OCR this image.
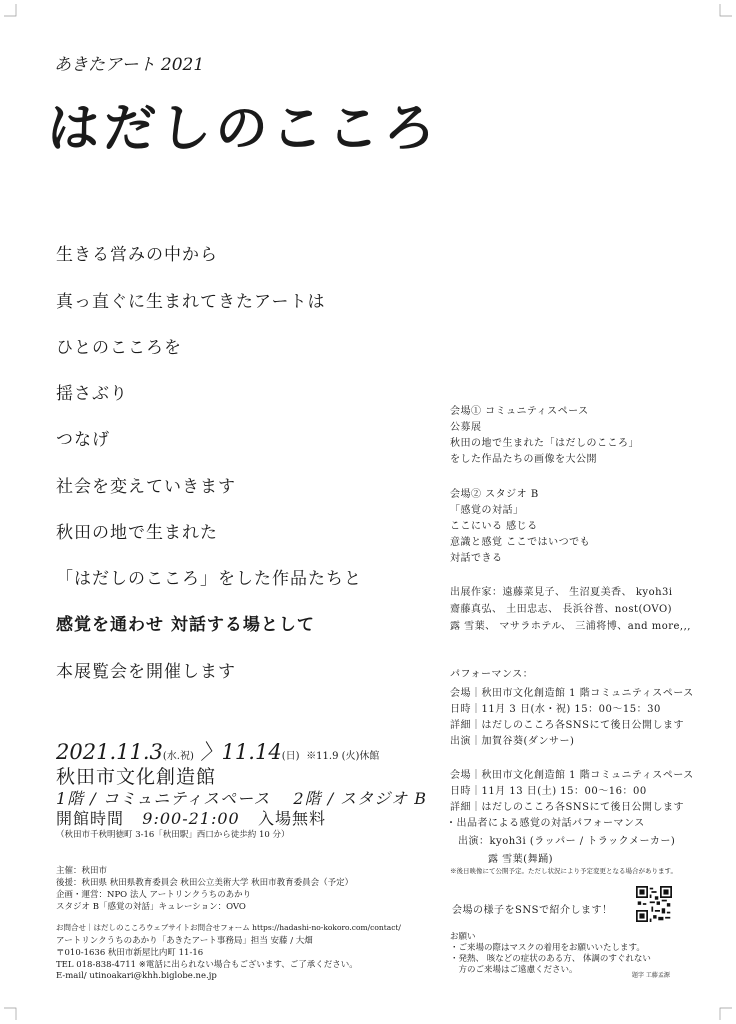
あきたアート 2021
はだしのこころ
生きる営みの中から
真っ直ぐに生まれてきたアートは
ひとのこころを
揺さぶり
つなげ
社会を変えていきます
秋田の地で生まれた
「はだしのこころ」をした作品たちと
感覚を通わせ 対話する場として
本展覧会を開催します
会場① コミュニティスペース
公募展
秋田の地で生まれた「はだしのこころ」
をした作品たちの画像を大公開
会場② スタジオ B
「感覚の対話」
ここにいる 感じる
意識と感覚 ここではいつでも
対話できる
出展作家：遠藤菜見子、 生沼夏美香、 kyoh3i
齋藤真弘、 土田忠志、 長浜谷普、nost(OVO)
露 雪葉、 マサラホテル、 三浦将博、and more,,,
パフォーマンス：
会場｜秋田市文化創造館 1 階コミュニティスペース
日時｜11月 3 日(水・祝) 15：00～15：30
詳細｜はだしのこころ各SNSにて後日公開します
出演｜加賀谷葵(ダンサー)
会場｜秋田市文化創造館 1 階コミュニティスペース
日時｜11月 13 日(土) 15：00～16：00
詳細｜はだしのこころ各SNSにて後日公開します
・出品者による感覚の対話パフォーマンス
出演：kyoh3i (ラッパー / トラックメーカー)
露 雪葉(舞踊)
※後日映像にて公開予定。ただし状況により予定変更となる場合があります。
2021.11.3(水.祝) 〉11.14(日) ※11.9 (火)休館
秋田市文化創造館
1階 / コミュニティスペース　 2階 / スタジオ B
開館時間 9:00-21:00 入場無料
（秋田市千秋明徳町 3-16「秋田駅」西口から徒歩約 10 分）
主催：秋田市
後援：秋田県 秋田県教育委員会 秋田公立美術大学 秋田市教育委員会（予定）
企画・運営：NPO 法人 アートリンクうちのあかり
スタジオ B「感覚の対話」キュレーション：OVO
お問合せ｜はだしのこころウェブサイトお問合せフォーム https://hadashi-no-kokoro.com/contact/
アートリンクうちのあかり「あきたアート事務局」担当 安藤 / 大畑
〒010-1636 秋田市新屋比内町 11-16
TEL 018-838-4711 ※電話に出られない場合もございます、ご了承ください。
E-mail/ utinoakari@khh.biglobe.ne.jp
会場の様子をSNSで紹介します！
お願い
・ご来場の際はマスクの着用をお願いいたします。
・発熱、 咳などの症状のある方、 体調のすぐれない
　方のご来場はご遠慮ください。
題字 工藤孟源
